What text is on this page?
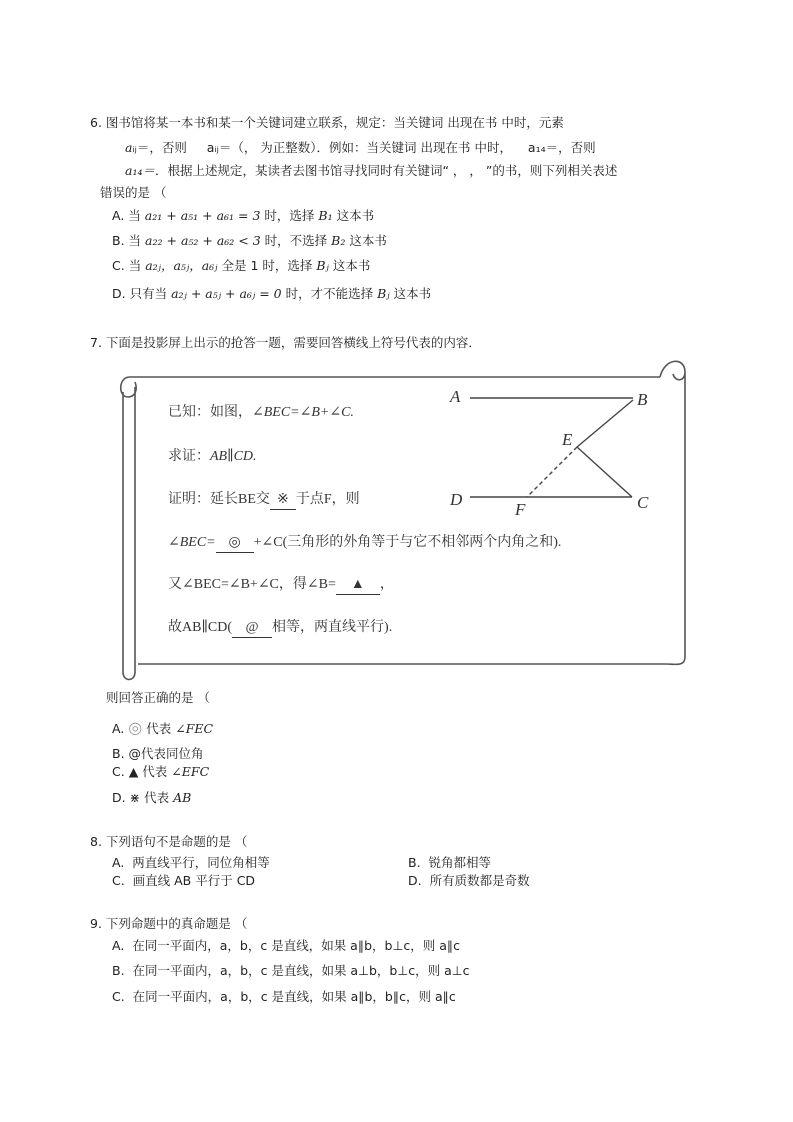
6. 图书馆将某一本书和某一个关键词建立联系，规定：当关键词 出现在书 中时，元素
aᵢⱼ＝，否则 aᵢⱼ＝（， 为正整数）．例如：当关键词 出现在书 中时， a₁₄＝，否则
a₁₄＝．根据上述规定，某读者去图书馆寻找同时有关键词“ ， ， ”的书，则下列相关表述
错误的是 （
A. 当 a₂₁ + a₅₁ + a₆₁ = 3 时，选择 B₁ 这本书
B. 当 a₂₂ + a₅₂ + a₆₂ < 3 时，不选择 B₂ 这本书
C. 当 a₂ⱼ，a₅ⱼ，a₆ⱼ 全是 1 时，选择 Bⱼ 这本书
D. 只有当 a₂ⱼ + a₅ⱼ + a₆ⱼ = 0 时，才不能选择 Bⱼ 这本书
7. 下面是投影屏上出示的抢答一题，需要回答横线上符号代表的内容．
A	B
E
D
F	C
已知：如图，∠BEC=∠B+∠C.
求证：AB∥CD.
证明：延长BE交 ※ 于点F，则
∠BEC= ◎ +∠C(三角形的外角等于与它不相邻两个内角之和).
又∠BEC=∠B+∠C，得∠B= ▲ ，
故AB∥CD( @ 相等，两直线平行).
则回答正确的是 （
A. ◎ 代表 ∠FEC
B. @代表同位角
C. ▲ 代表 ∠EFC
D. ⋇ 代表 AB
8. 下列语句不是命题的是 （
A. 两直线平行，同位角相等	B. 锐角都相等
C. 画直线 AB 平行于 CD	D. 所有质数都是奇数
9. 下列命题中的真命题是 （
A. 在同一平面内，a，b，c 是直线，如果 a∥b，b⊥c，则 a∥c
B. 在同一平面内，a，b，c 是直线，如果 a⊥b，b⊥c，则 a⊥c
C. 在同一平面内，a，b，c 是直线，如果 a∥b，b∥c，则 a∥c
